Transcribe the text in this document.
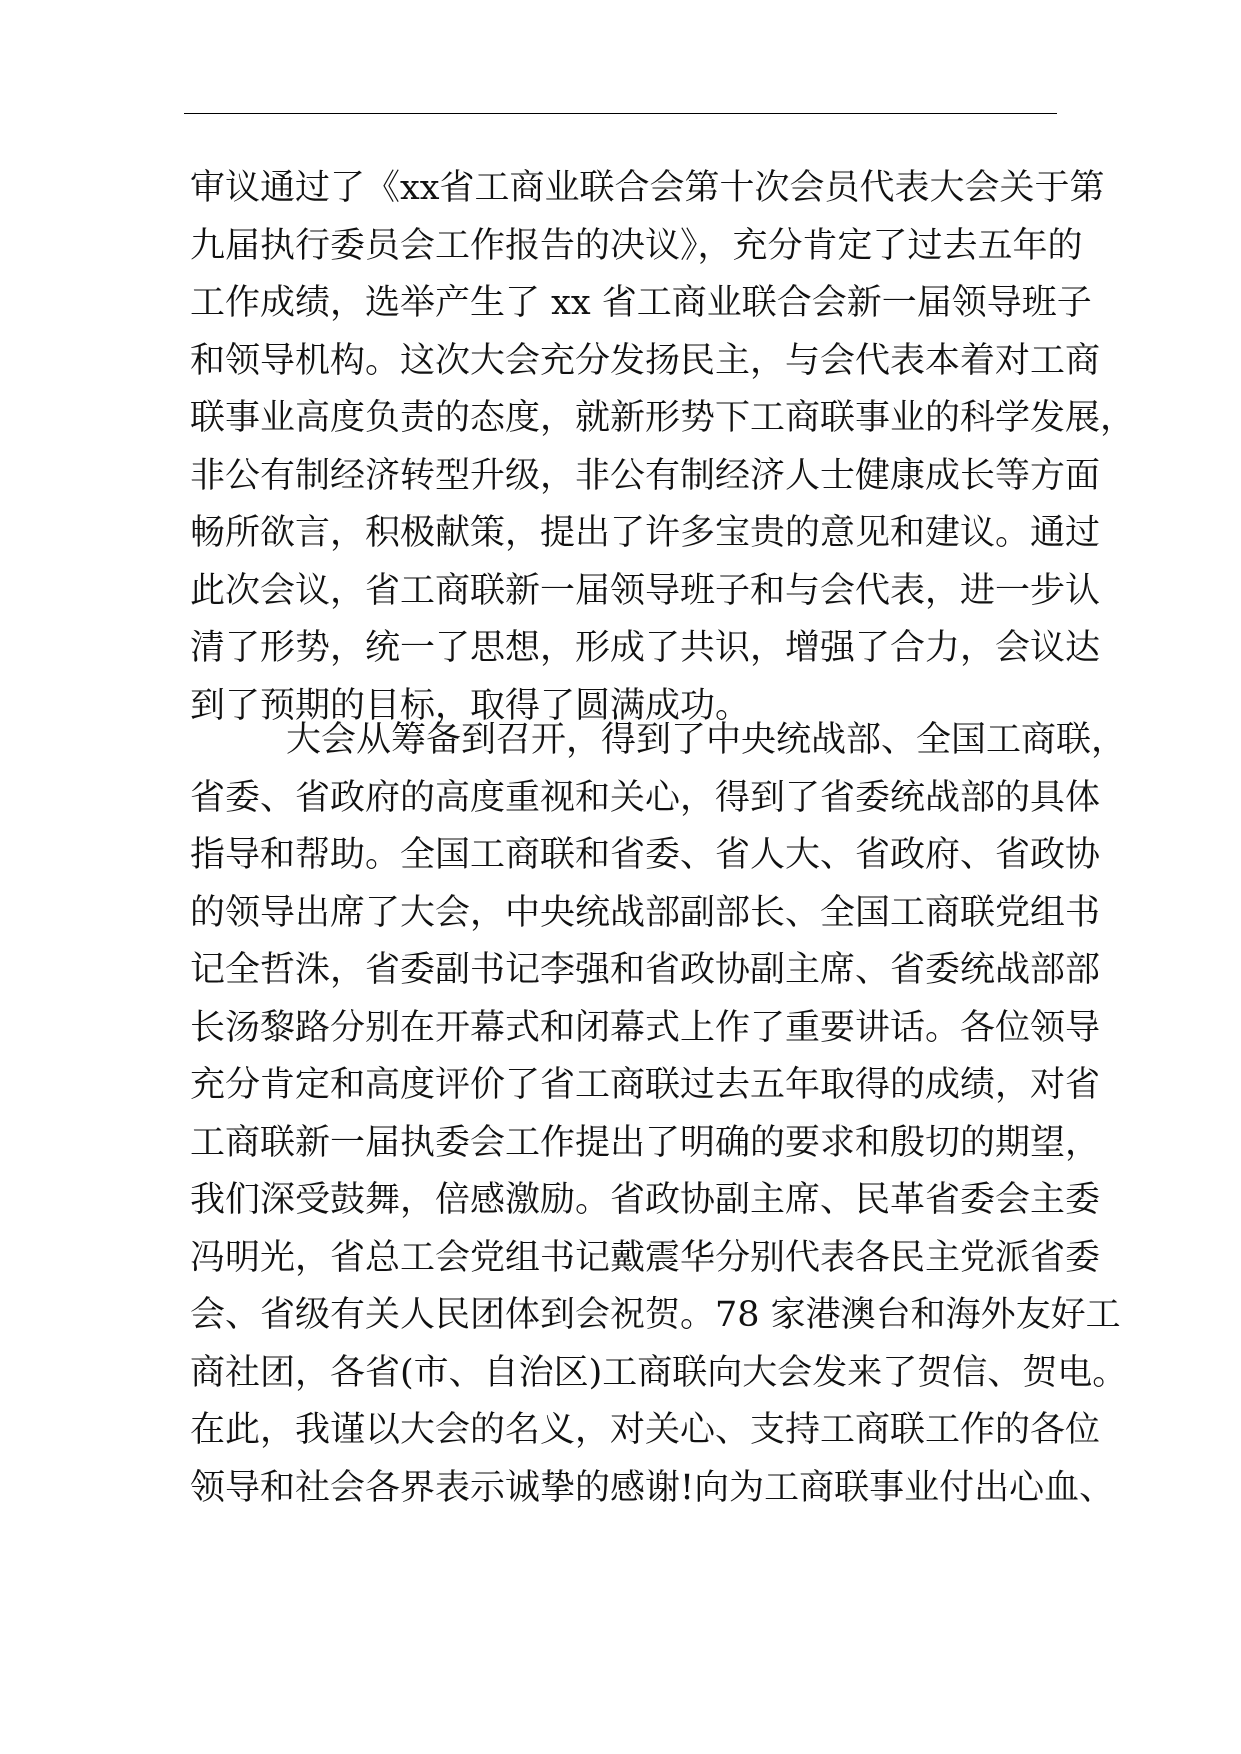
审议通过了《xx省工商业联合会第十次会员代表大会关于第
九届执行委员会工作报告的决议》，充分肯定了过去五年的
工作成绩，选举产生了 xx 省工商业联合会新一届领导班子
和领导机构。这次大会充分发扬民主，与会代表本着对工商
联事业高度负责的态度，就新形势下工商联事业的科学发展，
非公有制经济转型升级，非公有制经济人士健康成长等方面
畅所欲言，积极献策，提出了许多宝贵的意见和建议。通过
此次会议，省工商联新一届领导班子和与会代表，进一步认
清了形势，统一了思想，形成了共识，增强了合力，会议达
到了预期的目标，取得了圆满成功。
大会从筹备到召开，得到了中央统战部、全国工商联，
省委、省政府的高度重视和关心，得到了省委统战部的具体
指导和帮助。全国工商联和省委、省人大、省政府、省政协
的领导出席了大会，中央统战部副部长、全国工商联党组书
记全哲洙，省委副书记李强和省政协副主席、省委统战部部
长汤黎路分别在开幕式和闭幕式上作了重要讲话。各位领导
充分肯定和高度评价了省工商联过去五年取得的成绩，对省
工商联新一届执委会工作提出了明确的要求和殷切的期望，
我们深受鼓舞，倍感激励。省政协副主席、民革省委会主委
冯明光，省总工会党组书记戴震华分别代表各民主党派省委
会、省级有关人民团体到会祝贺。78 家港澳台和海外友好工
商社团，各省(市、自治区)工商联向大会发来了贺信、贺电。
在此，我谨以大会的名义，对关心、支持工商联工作的各位
领导和社会各界表示诚挚的感谢!向为工商联事业付出心血、
